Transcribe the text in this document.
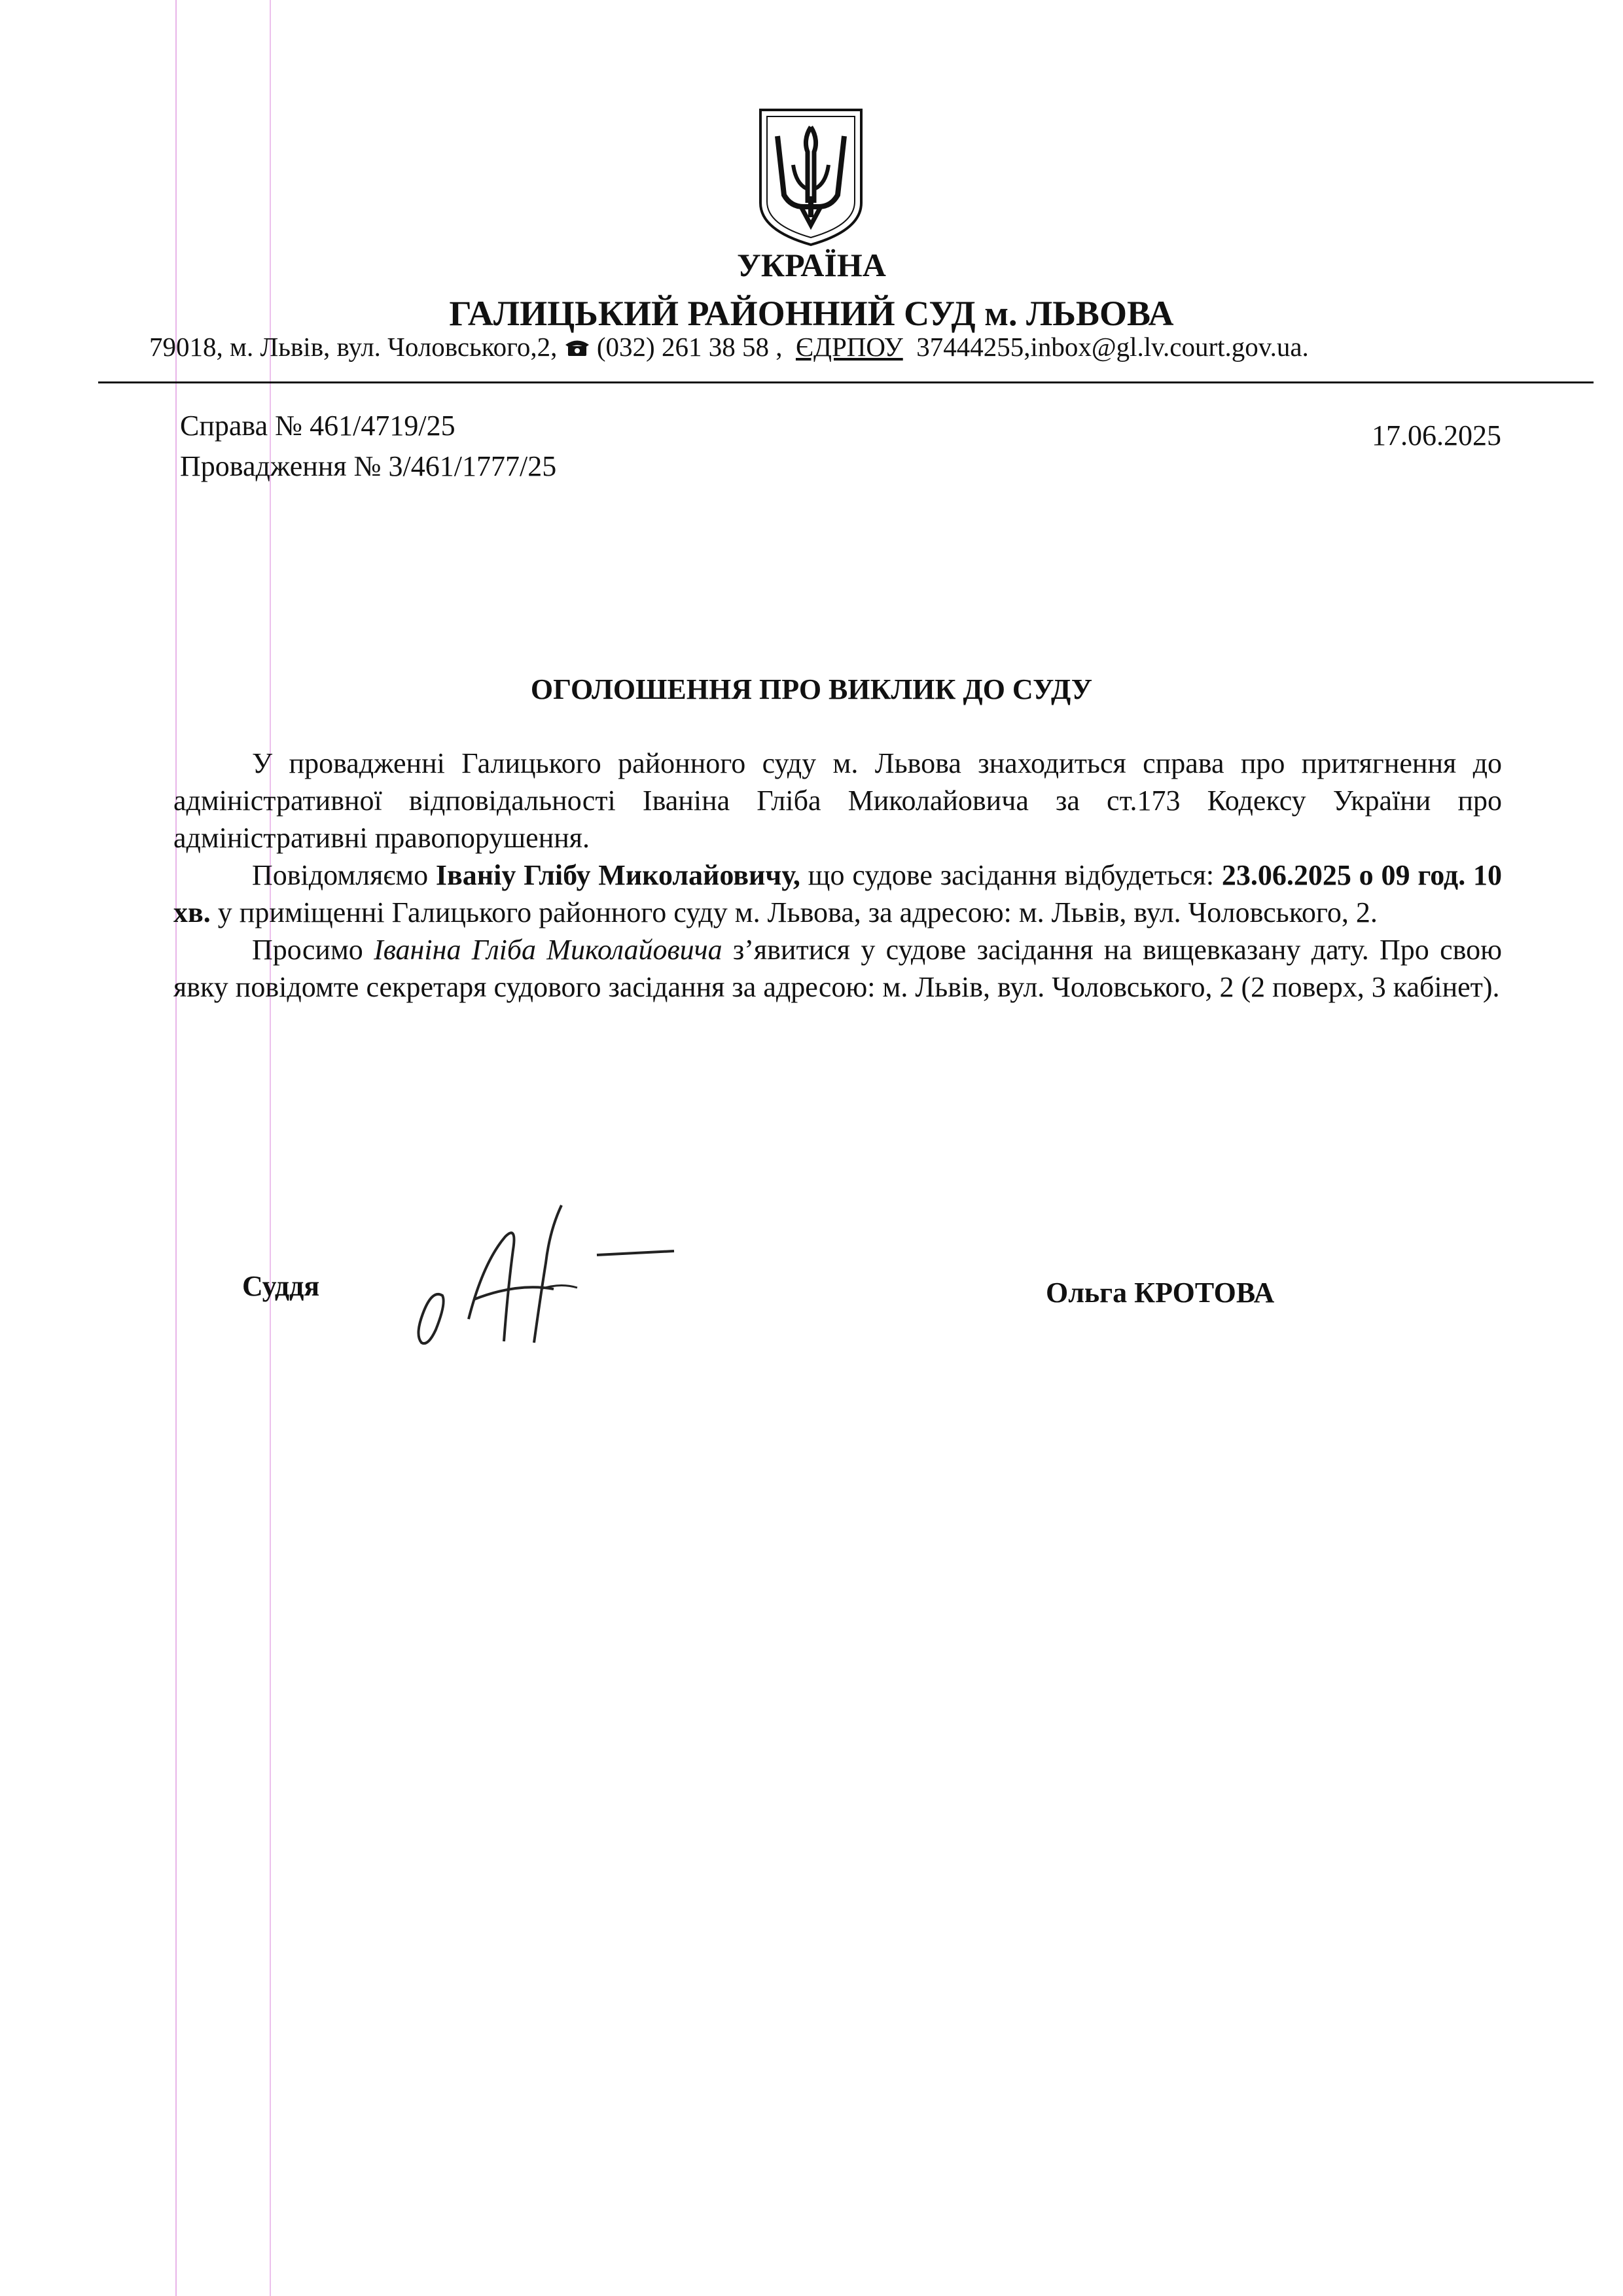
УКРАЇНА
ГАЛИЦЬКИЙ РАЙОННИЙ СУД м. ЛЬВОВА
79018, м. Львів, вул. Чоловського,2, (032) 261 38 58 , ЄДРПОУ 37444255,inbox@gl.lv.court.gov.ua.
Справа № 461/4719/25
Провадження № 3/461/1777/25
17.06.2025
ОГОЛОШЕННЯ ПРО ВИКЛИК ДО СУДУ

У провадженні Галицького районного суду м. Львова знаходиться справа про притягнення до адміністративної відповідальності Іваніна Гліба Миколайовича за ст.173 Кодексу України про адміністративні правопорушення.

Повідомляємо Іваніу Глібу Миколайовичу, що судове засідання відбудеться: 23.06.2025 о 09 год. 10 хв. у приміщенні Галицького районного суду м. Львова, за адресою: м. Львів, вул. Чоловського, 2.

Просимо Іваніна Гліба Миколайовича з’явитися у судове засідання на вищевказану дату. Про свою явку повідомте секретаря судового засідання за адресою: м. Львів, вул. Чоловського, 2 (2 поверх, 3 кабінет).

Суддя	Ольга КРОТОВА
